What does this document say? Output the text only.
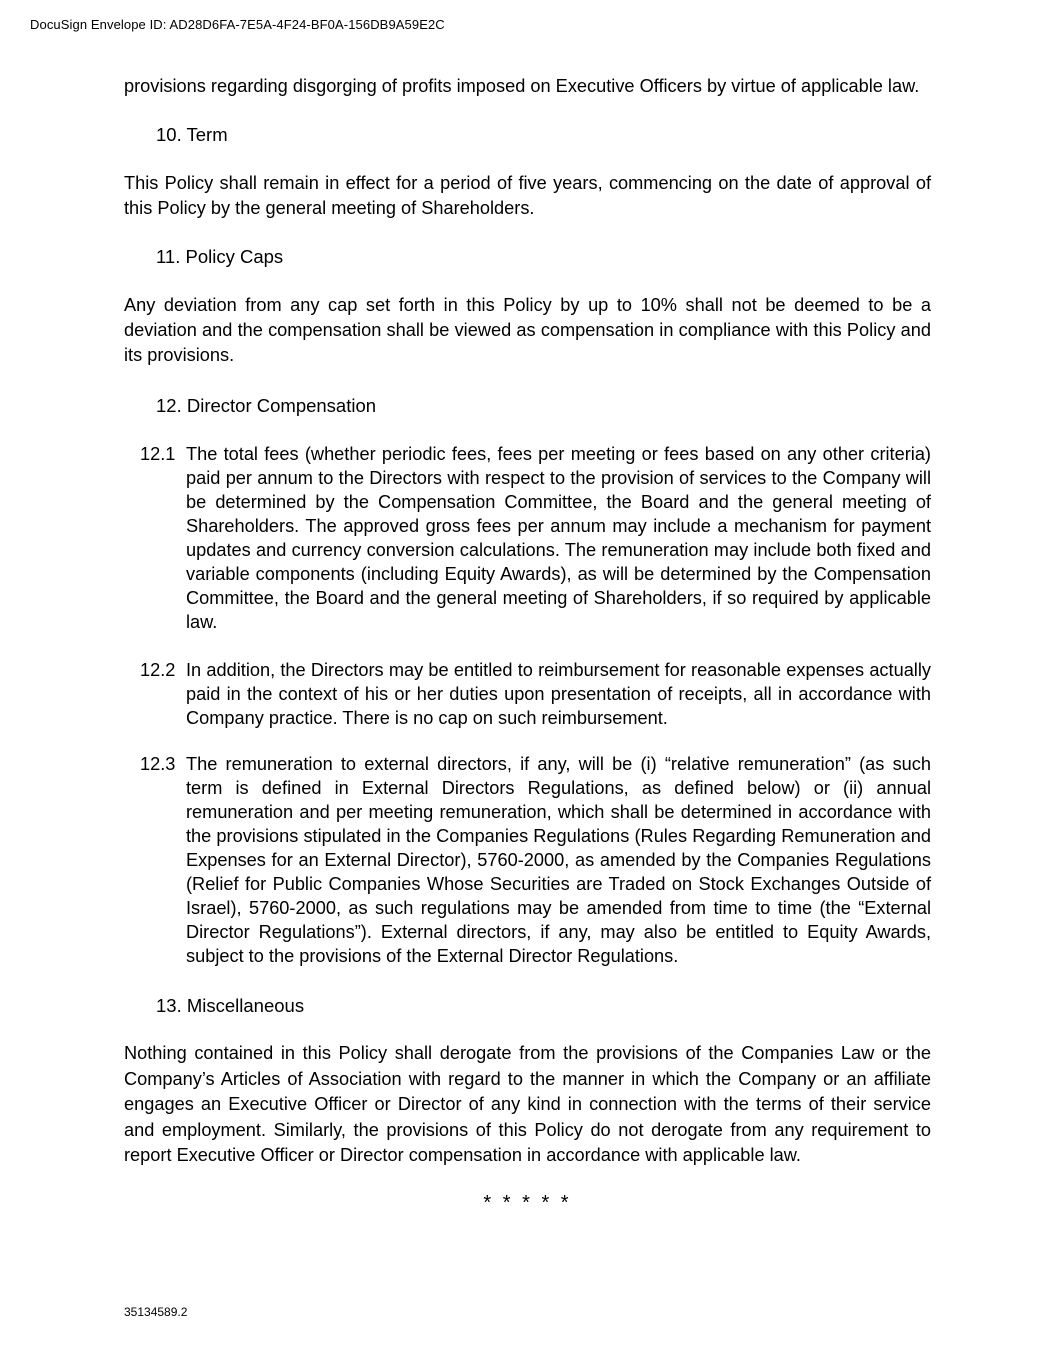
DocuSign Envelope ID: AD28D6FA-7E5A-4F24-BF0A-156DB9A59E2C

provisions regarding disgorging of profits imposed on Executive Officers by virtue of applicable law.

10. Term

This Policy shall remain in effect for a period of five years, commencing on the date of approval of this Policy by the general meeting of Shareholders.

11. Policy Caps

Any deviation from any cap set forth in this Policy by up to 10% shall not be deemed to be a deviation and the compensation shall be viewed as compensation in compliance with this Policy and its provisions.

12. Director Compensation

12.1 The total fees (whether periodic fees, fees per meeting or fees based on any other criteria) paid per annum to the Directors with respect to the provision of services to the Company will be determined by the Compensation Committee, the Board and the general meeting of Shareholders. The approved gross fees per annum may include a mechanism for payment updates and currency conversion calculations. The remuneration may include both fixed and variable components (including Equity Awards), as will be determined by the Compensation Committee, the Board and the general meeting of Shareholders, if so required by applicable law.
12.2 In addition, the Directors may be entitled to reimbursement for reasonable expenses actually paid in the context of his or her duties upon presentation of receipts, all in accordance with Company practice. There is no cap on such reimbursement.
12.3 The remuneration to external directors, if any, will be (i) “relative remuneration” (as such term is defined in External Directors Regulations, as defined below) or (ii) annual remuneration and per meeting remuneration, which shall be determined in accordance with the provisions stipulated in the Companies Regulations (Rules Regarding Remuneration and Expenses for an External Director), 5760-2000, as amended by the Companies Regulations (Relief for Public Companies Whose Securities are Traded on Stock Exchanges Outside of Israel), 5760-2000, as such regulations may be amended from time to time (the “External Director Regulations”). External directors, if any, may also be entitled to Equity Awards, subject to the provisions of the External Director Regulations.

13. Miscellaneous

Nothing contained in this Policy shall derogate from the provisions of the Companies Law or the Company’s Articles of Association with regard to the manner in which the Company or an affiliate engages an Executive Officer or Director of any kind in connection with the terms of their service and employment. Similarly, the provisions of this Policy do not derogate from any requirement to report Executive Officer or Director compensation in accordance with applicable law.

* * * * *

35134589.2
